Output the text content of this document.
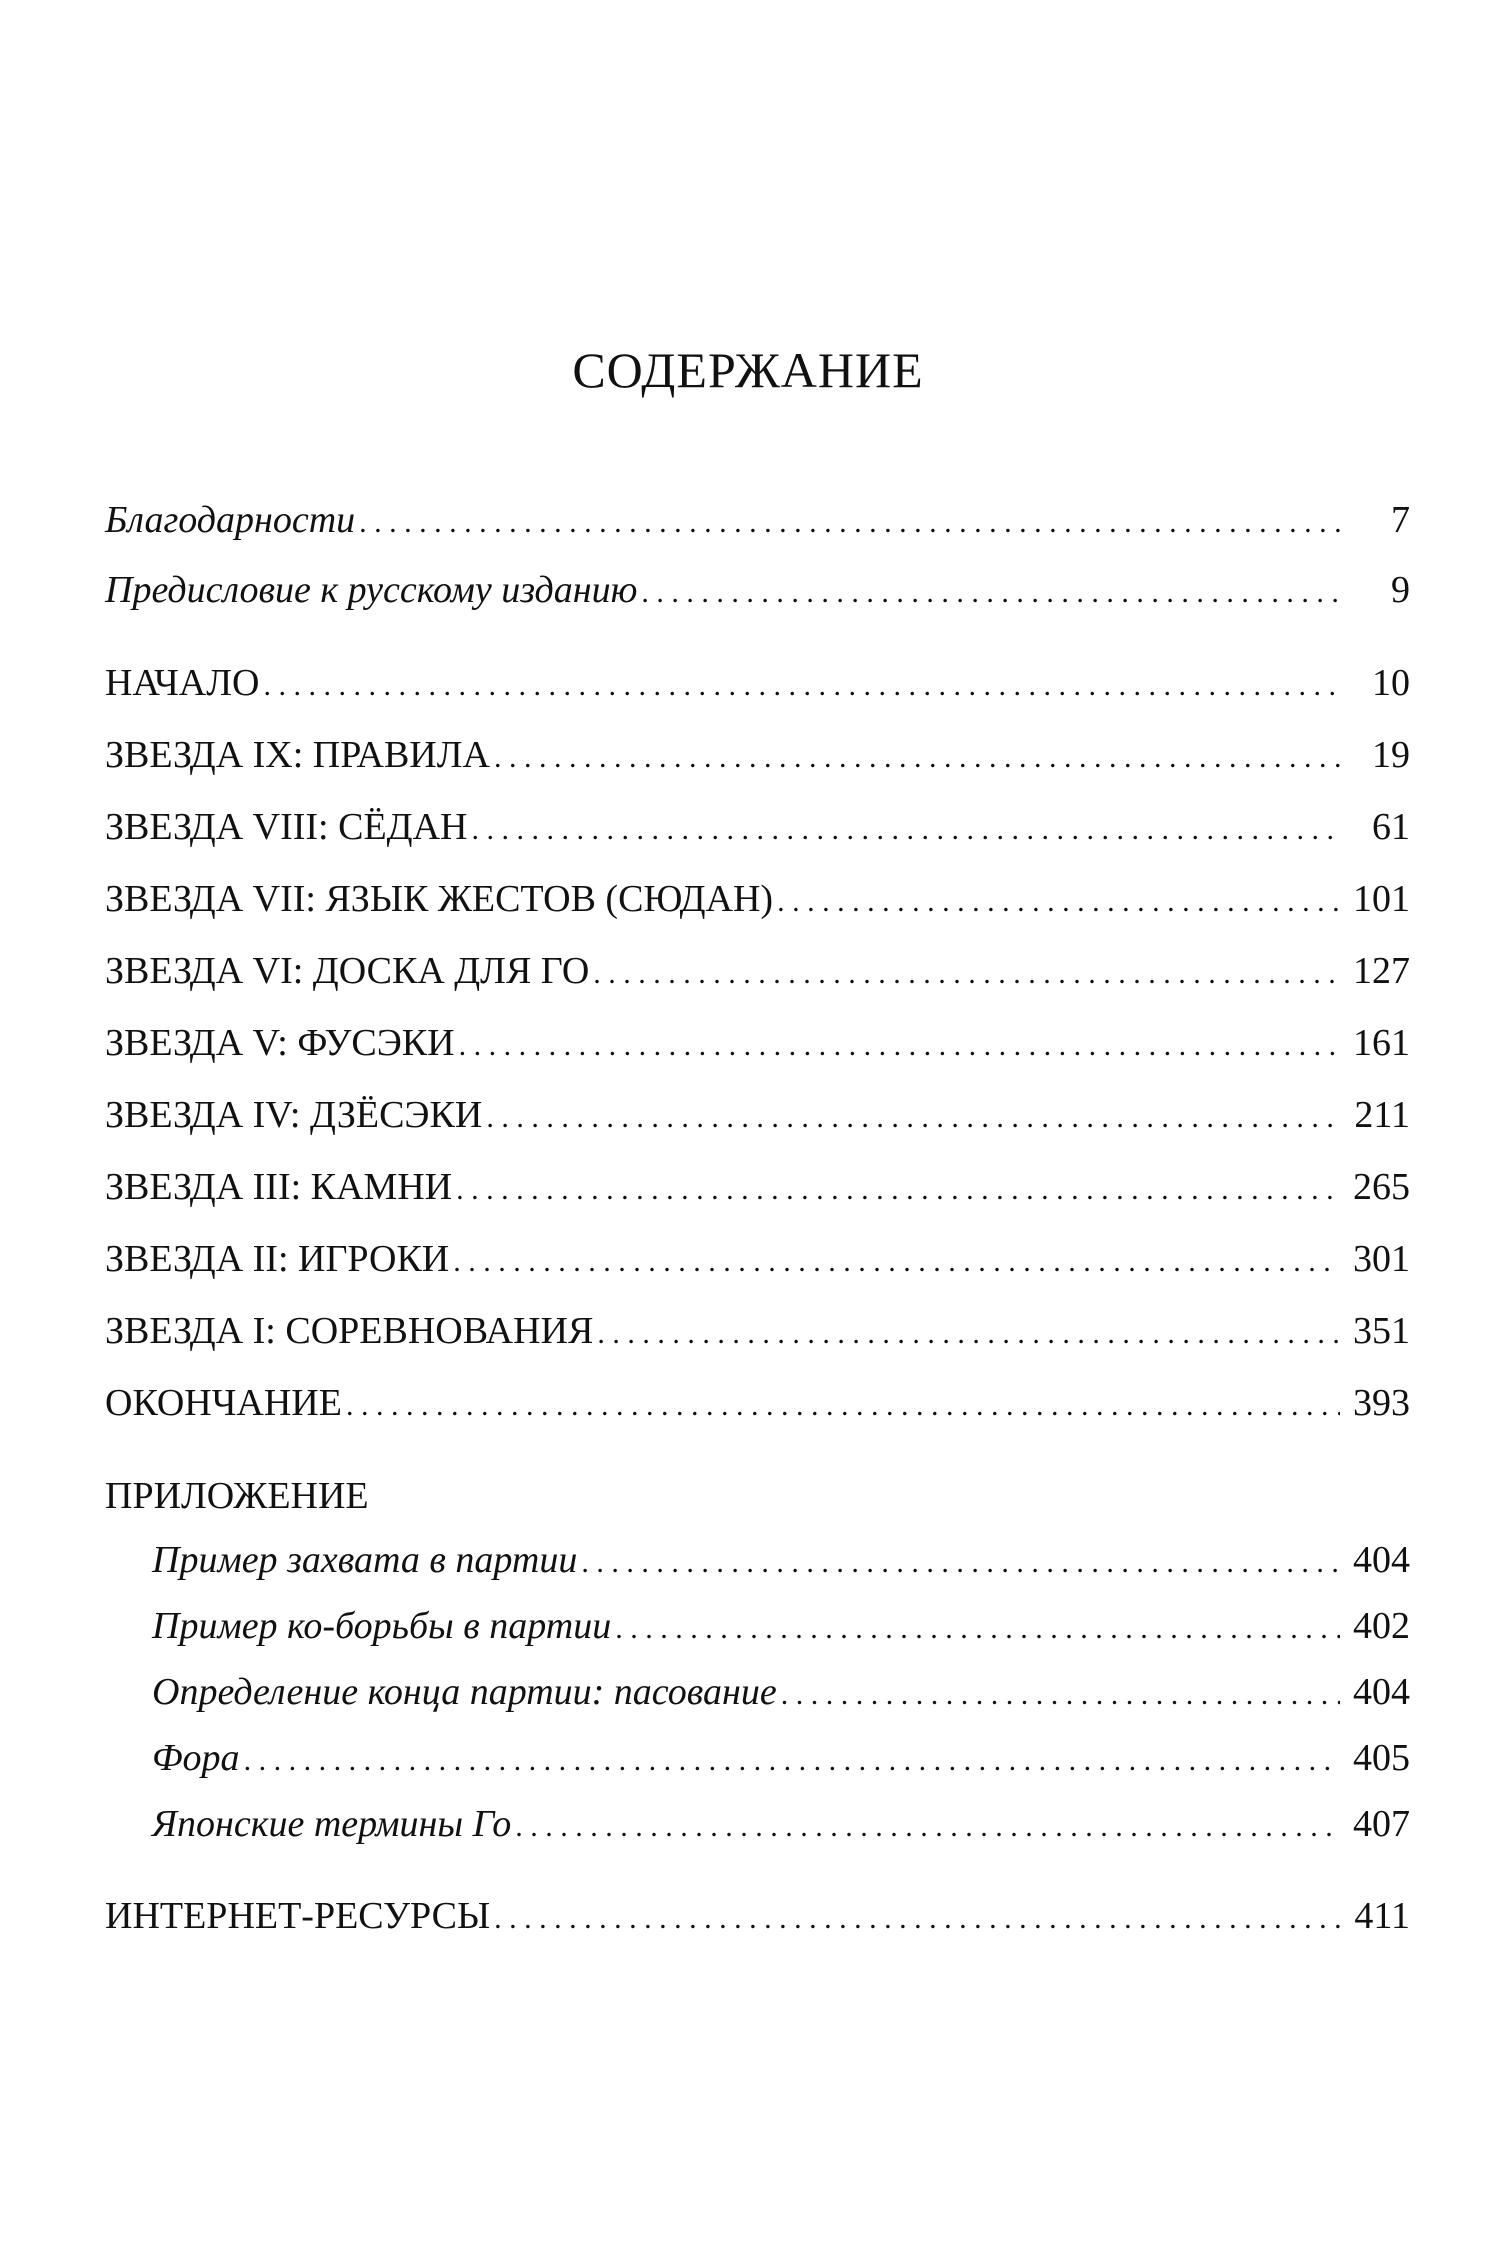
СОДЕРЖАНИЕ
Благодарности . . .	7
Предисловие к русскому изданию . . .	9
НАЧАЛО . . .	10
ЗВЕЗДА IX: ПРАВИЛА . . .	19
ЗВЕЗДА VIII: СЁДАН . . .	61
ЗВЕЗДА VII: ЯЗЫК ЖЕСТОВ (СЮДАН) . . .	101
ЗВЕЗДА VI: ДОСКА ДЛЯ ГО . . .	127
ЗВЕЗДА V: ФУСЭКИ . . .	161
ЗВЕЗДА IV: ДЗЁСЭКИ . . .	211
ЗВЕЗДА III: КАМНИ . . .	265
ЗВЕЗДА II: ИГРОКИ . . .	301
ЗВЕЗДА I: СОРЕВНОВАНИЯ . . .	351
ОКОНЧАНИЕ . . .	393
ПРИЛОЖЕНИЕ
Пример захвата в партии . . .	404
Пример ко-борьбы в партии . . .	402
Определение конца партии: пасование . . .	404
Фора . . .	405
Японские термины Го . . .	407
ИНТЕРНЕТ-РЕСУРСЫ . . .	411
